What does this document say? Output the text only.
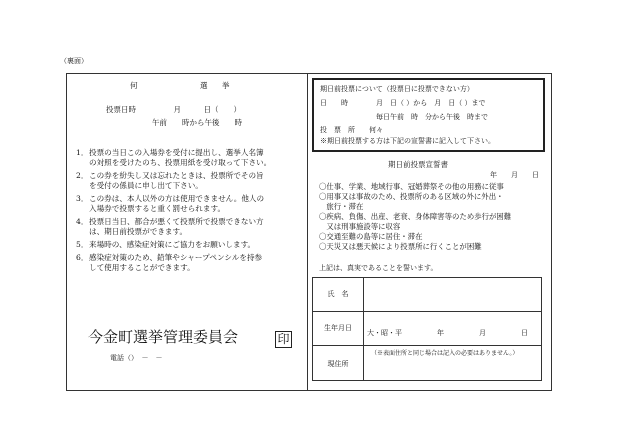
（裏面）
何	選 挙
投票日時　　　　　月　　　日（　　）
午前　　時から午後　　時
1． 投票の当日この入場券を受付に提出し、選挙人名簿
の対照を受けたのち、投票用紙を受け取って下さい。
2． この券を紛失し又は忘れたときは、投票所でその旨
を受付の係員に申し出て下さい。
3． この券は、本人以外の方は使用できません。他人の
入場券で投票すると重く罰せられます。
4． 投票日当日、都合が悪くて投票所で投票できない方
は、期日前投票ができます。
5． 来場時の、感染症対策にご協力をお願いします。
6． 感染症対策のため、鉛筆やシャープペンシルを持参
して使用することができます。
今金町選挙管理委員会	印
電話（）　－　－
期日前投票について（投票日に投票できない方）
日　　時　　　　月　日（ ）から　月　日（ ）まで
毎日午前　時　分から午後　時まで
投　票　所　　何々
※期日前投票する方は下記の宣誓書に記入して下さい。
期日前投票宣誓書
年　　月　　日
〇仕事、学業、地域行事、冠婚葬祭その他の用務に従事
〇用事又は事故のため、投票所のある区域の外に外出・
　旅行・滞在
〇疾病、負傷、出産、老衰、身体障害等のため歩行が困難
　又は刑事施設等に収容
〇交通至難の島等に居住・滞在
〇天災又は悪天候により投票所に行くことが困難
上記は、真実であることを誓います。
氏　名
生年月日
大・昭・平　　　　　年　　　　　月　　　　　日
現住所
（※表面住所と同じ場合は記入の必要はありません。）
